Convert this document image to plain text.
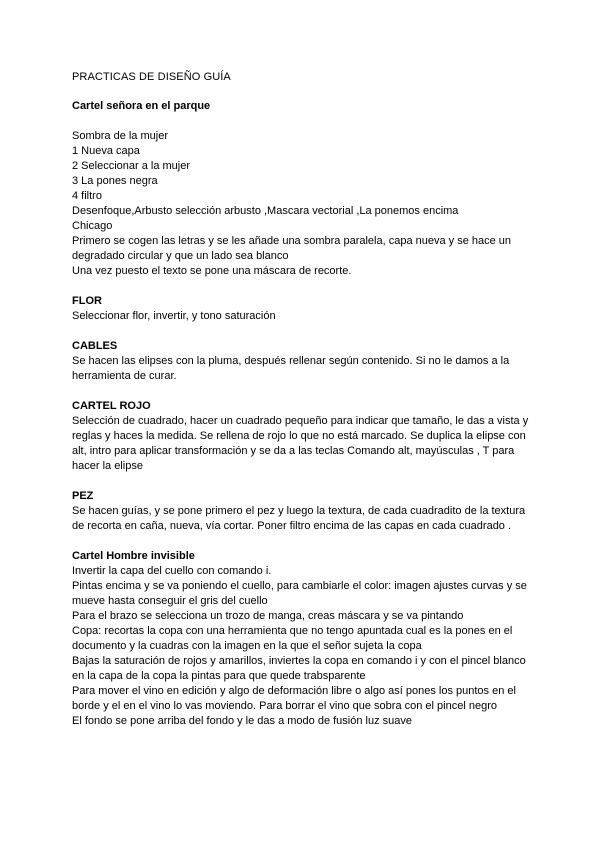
PRACTICAS DE DISEÑO GUÍA

Cartel señora en el parque

Sombra de la mujer

1 Nueva capa

2 Seleccionar a la mujer

3 La pones negra

4 filtro

Desenfoque,Arbusto selección arbusto ,Mascara vectorial ,La ponemos encima

Chicago

Primero se cogen las letras y se les añade una sombra paralela, capa nueva y se hace un degradado circular y que un lado sea blanco

Una vez puesto el texto se pone una máscara de recorte.

FLOR

Seleccionar flor, invertir, y tono saturación

CABLES

Se hacen las elipses con la pluma, después rellenar según contenido. Si no le damos a la herramienta de curar.

CARTEL ROJO

Selección de cuadrado, hacer un cuadrado pequeño para indicar que tamaño, le das a vista y reglas y haces la medida. Se rellena de rojo lo que no está marcado. Se duplica la elipse con alt, intro para aplicar transformación y se da a las teclas Comando alt, mayúsculas , T para hacer la elipse

PEZ

Se hacen guías, y se pone primero el pez y luego la textura, de cada cuadradito de la textura de recorta en caña, nueva, vía cortar. Poner filtro encima de las capas en cada cuadrado .

Cartel Hombre invisible

Invertir la capa del cuello con comando i.

Pintas encima y se va poniendo el cuello, para cambiarle el color: imagen ajustes curvas y se mueve hasta conseguir el gris del cuello

Para el brazo se selecciona un trozo de manga, creas máscara y se va pintando

Copa: recortas la copa con una herramienta que no tengo apuntada cual es la pones en el documento y la cuadras con la imagen en la que el señor sujeta la copa

Bajas la saturación de rojos y amarillos, inviertes la copa en comando i y con el pincel blanco en la capa de la copa la pintas para que quede trabsparente

Para mover el vino en edición y algo de deformación libre o algo así pones los puntos en el borde y el en el vino lo vas moviendo. Para borrar el vino que sobra con el pincel negro

El fondo se pone arriba del fondo y le das a modo de fusión luz suave
